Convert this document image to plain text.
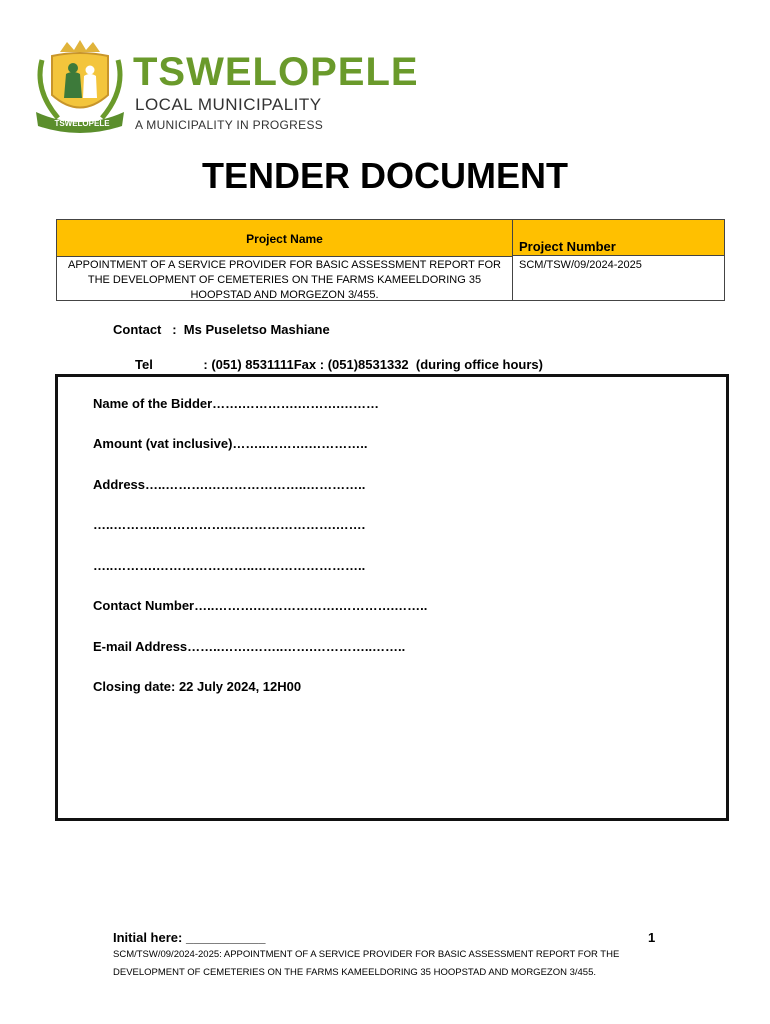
TSWELOPELE
TSWELOPELE
LOCAL MUNICIPALITY
A MUNICIPALITY IN PROGRESS
TENDER DOCUMENT
Project Name
APPOINTMENT OF A SERVICE PROVIDER FOR BASIC ASSESSMENT REPORT FOR THE DEVELOPMENT OF CEMETERIES ON THE FARMS KAMEELDORING 35 HOOPSTAD AND MORGEZON 3/455.
Project Number
SCM/TSW/09/2024-2025
Contact   :  Ms Puseletso Mashiane
Tel              : (051) 8531111Fax : (051)8531332  (during office hours)
Name of the Bidder…….………….……….………
Amount (vat inclusive)……..……….…………..
Address…..……….…………………..…………..
…..………..…………….…………………….…….
…..……….…………………..……………………..
Contact Number…..……….……………….………….……..
E-mail Address……..…….……..…….…………..……..
Closing date: 22 July 2024, 12H00
Initial here: ___________	1
SCM/TSW/09/2024-2025: APPOINTMENT OF A SERVICE PROVIDER FOR BASIC ASSESSMENT REPORT FOR THE DEVELOPMENT OF CEMETERIES ON THE FARMS KAMEELDORING 35 HOOPSTAD AND MORGEZON 3/455.
